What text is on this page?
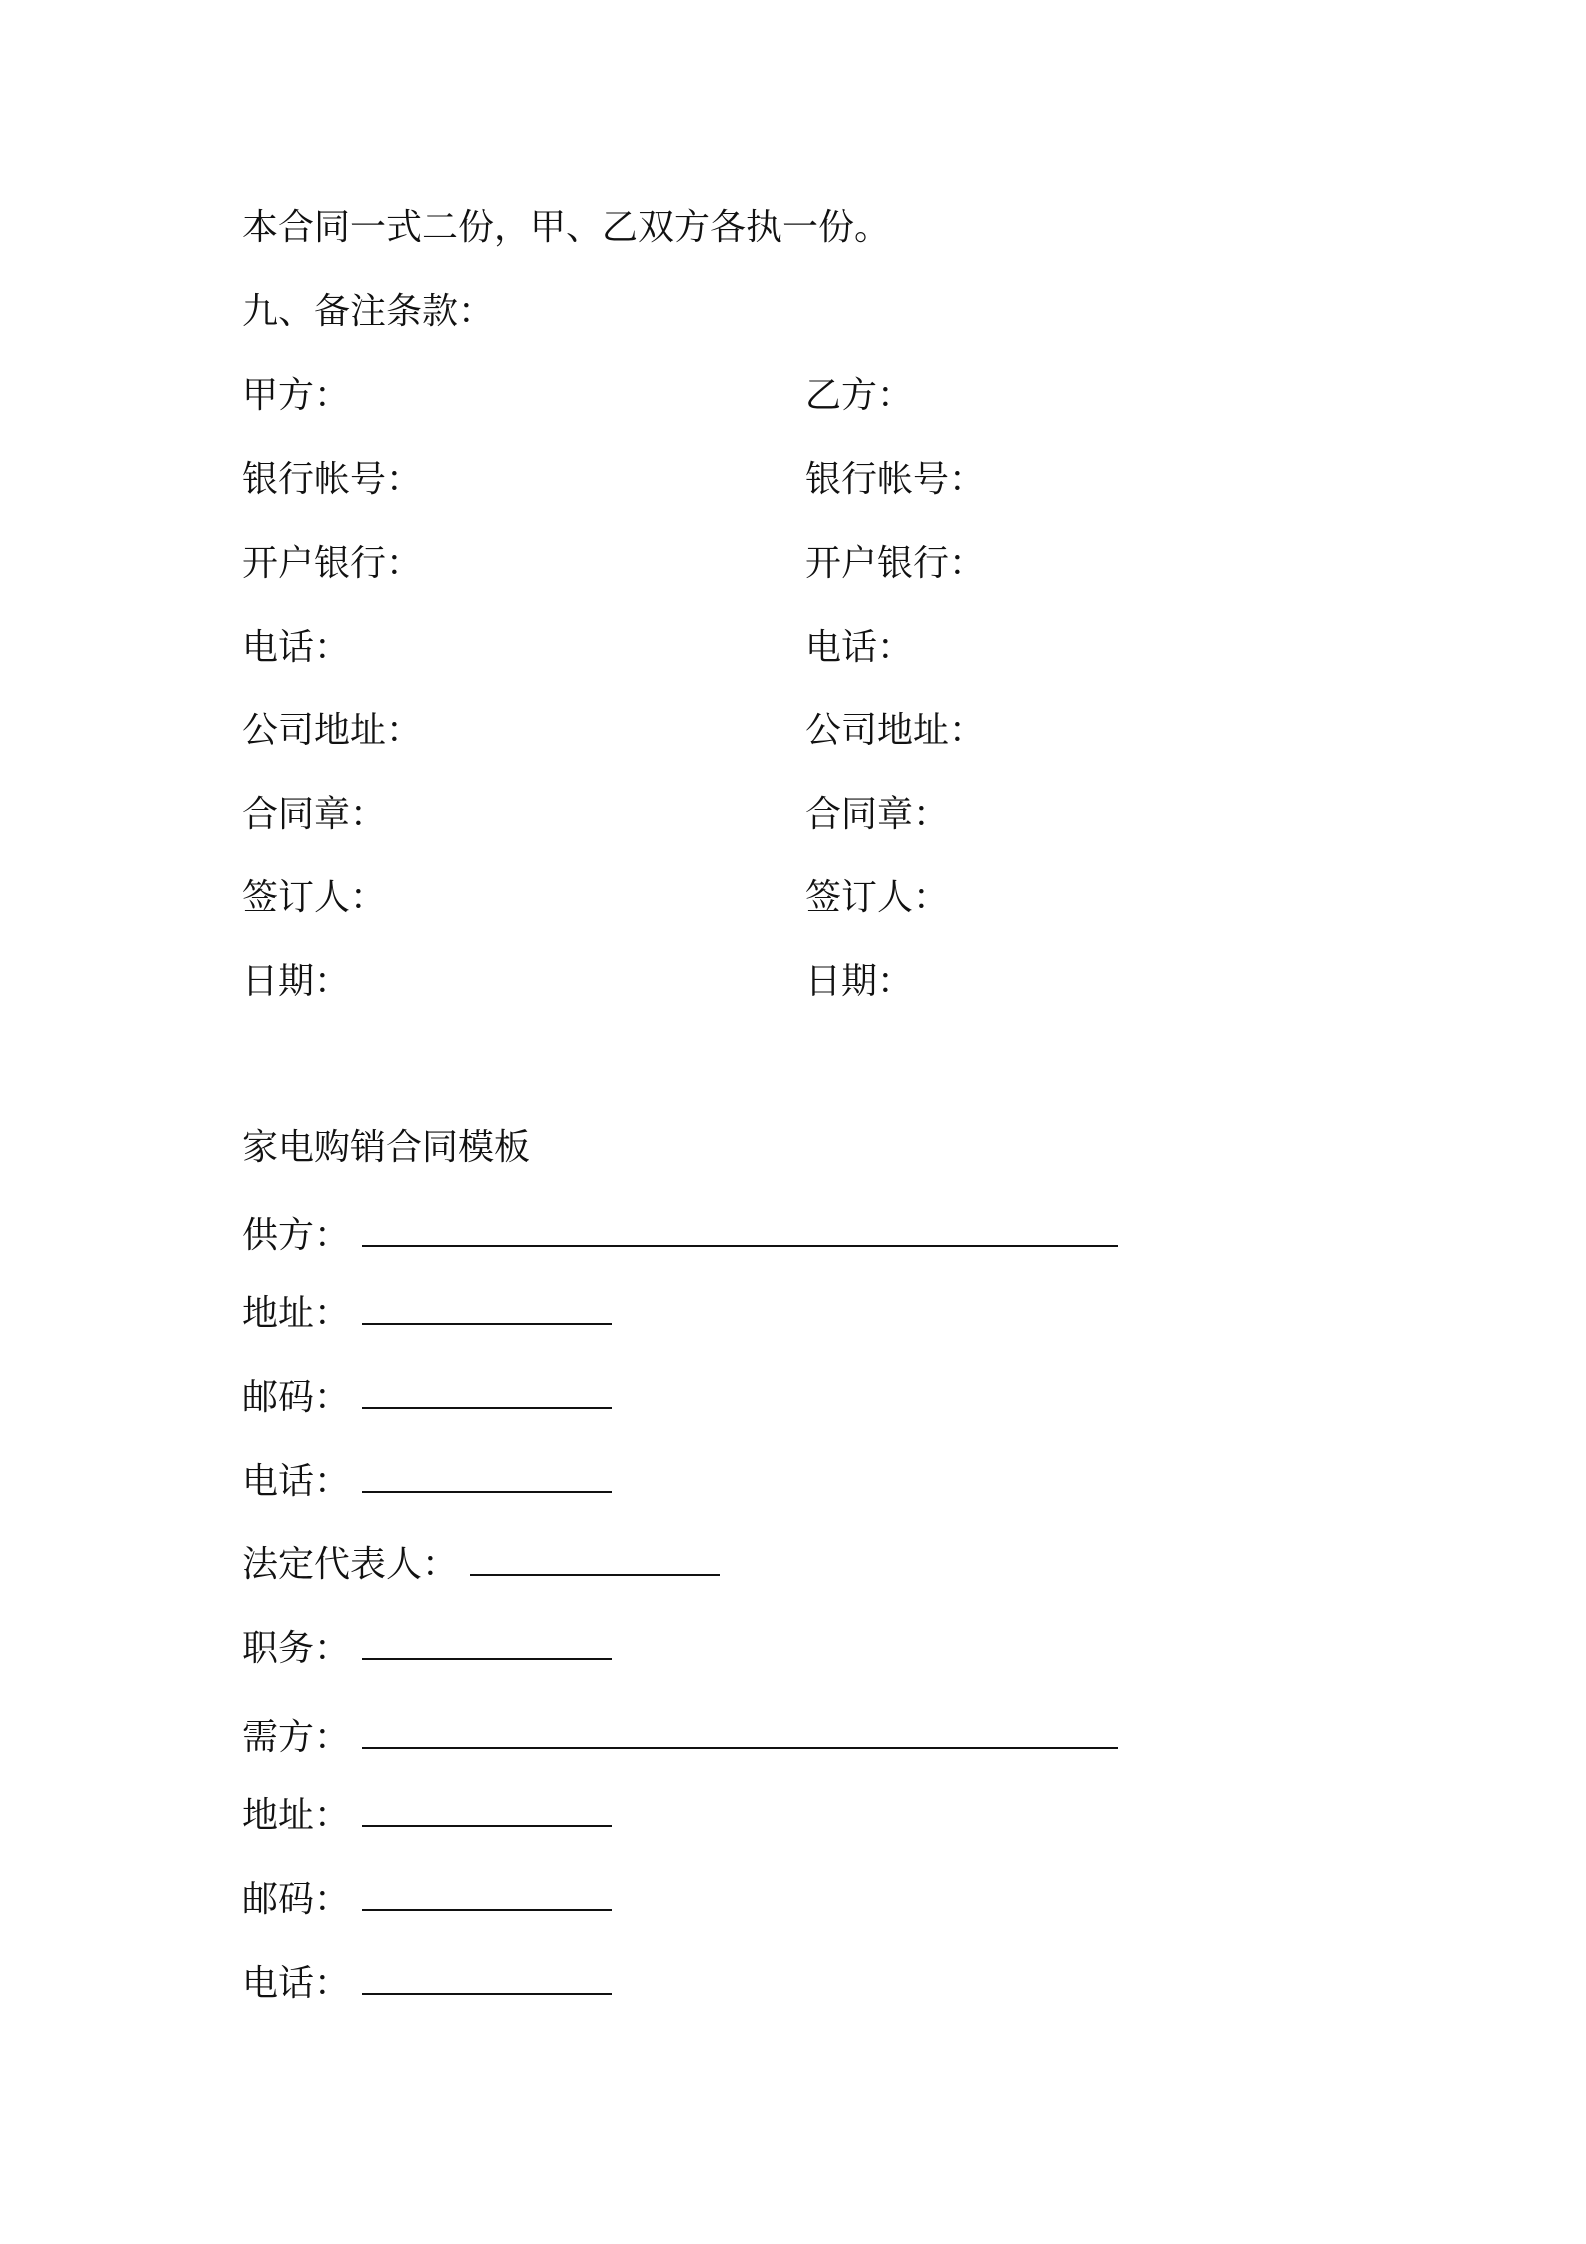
本合同一式二份，甲、乙双方各执一份。
九、备注条款：
甲方：	乙方：
银行帐号：	银行帐号：
开户银行：	开户银行：
电话：	电话：
公司地址：	公司地址：
合同章：	合同章：
签订人：	签订人：
日期：	日期：
家电购销合同模板
供方：
地址：
邮码：
电话：
法定代表人：
职务：
需方：
地址：
邮码：
电话：
